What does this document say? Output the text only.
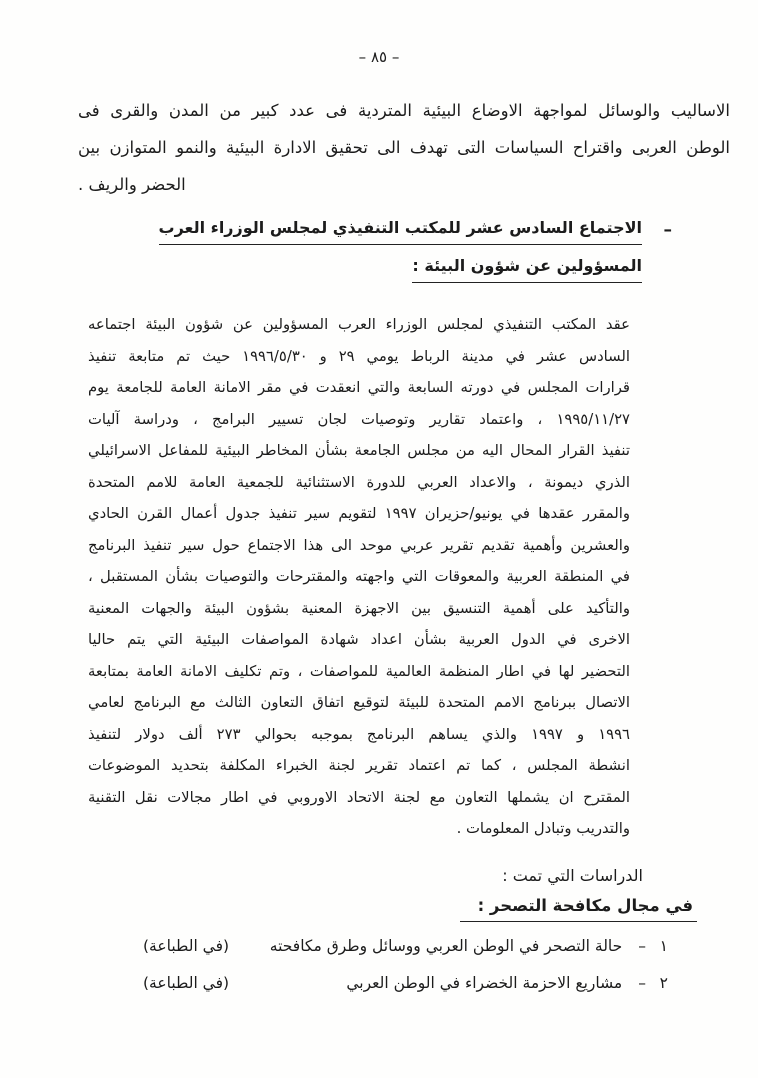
– ٨٥ –
الاساليب والوسائل لمواجهة الاوضاع البيئية المتردية فى عدد كبير من المدن والقرى فى
الوطن العربى واقتراح السياسات التى تهدف الى تحقيق الادارة البيئية والنمو المتوازن بين
الحضر والريف .
–
الاجتماع السادس عشر للمكتب التنفيذي لمجلس الوزراء العرب
المسؤولين عن شؤون البيئة :
عقد المكتب التنفيذي لمجلس الوزراء العرب المسؤولين عن شؤون البيئة اجتماعه
السادس عشر في مدينة الرباط يومي ٢٩ و ١٩٩٦/٥/٣٠ حيث تم متابعة تنفيذ
قرارات المجلس في دورته السابعة والتي انعقدت في مقر الامانة العامة للجامعة يوم
١٩٩٥/١١/٢٧ ، واعتماد تقارير وتوصيات لجان تسيير البرامج ، ودراسة آليات
تنفيذ القرار المحال اليه من مجلس الجامعة بشأن المخاطر البيئية للمفاعل الاسرائيلي
الذري ديمونة ، والاعداد العربي للدورة الاستثنائية للجمعية العامة للامم المتحدة
والمقرر عقدها في يونيو/حزيران ١٩٩٧ لتقويم سير تنفيذ جدول أعمال القرن الحادي
والعشرين وأهمية تقديم تقرير عربي موحد الى هذا الاجتماع حول سير تنفيذ البرنامج
في المنطقة العربية والمعوقات التي واجهته والمقترحات والتوصيات بشأن المستقبل ،
والتأكيد على أهمية التنسيق بين الاجهزة المعنية بشؤون البيئة والجهات المعنية
الاخرى في الدول العربية بشأن اعداد شهادة المواصفات البيئية التي يتم حاليا
التحضير لها في اطار المنظمة العالمية للمواصفات ، وتم تكليف الامانة العامة بمتابعة
الاتصال ببرنامج الامم المتحدة للبيئة لتوقيع اتفاق التعاون الثالث مع البرنامج لعامي
١٩٩٦ و ١٩٩٧ والذي يساهم البرنامج بموجبه بحوالي ٢٧٣ ألف دولار لتنفيذ
انشطة المجلس ، كما تم اعتماد تقرير لجنة الخبراء المكلفة بتحديد الموضوعات
المقترح ان يشملها التعاون مع لجنة الاتحاد الاوروبي في اطار مجالات نقل التقنية
والتدريب وتبادل المعلومات .
الدراسات التي تمت :
في مجال مكافحة التصحر :
١
–
حالة التصحر في الوطن العربي ووسائل وطرق مكافحته
(في الطباعة)
٢
–
مشاريع الاحزمة الخضراء في الوطن العربي
(في الطباعة)
